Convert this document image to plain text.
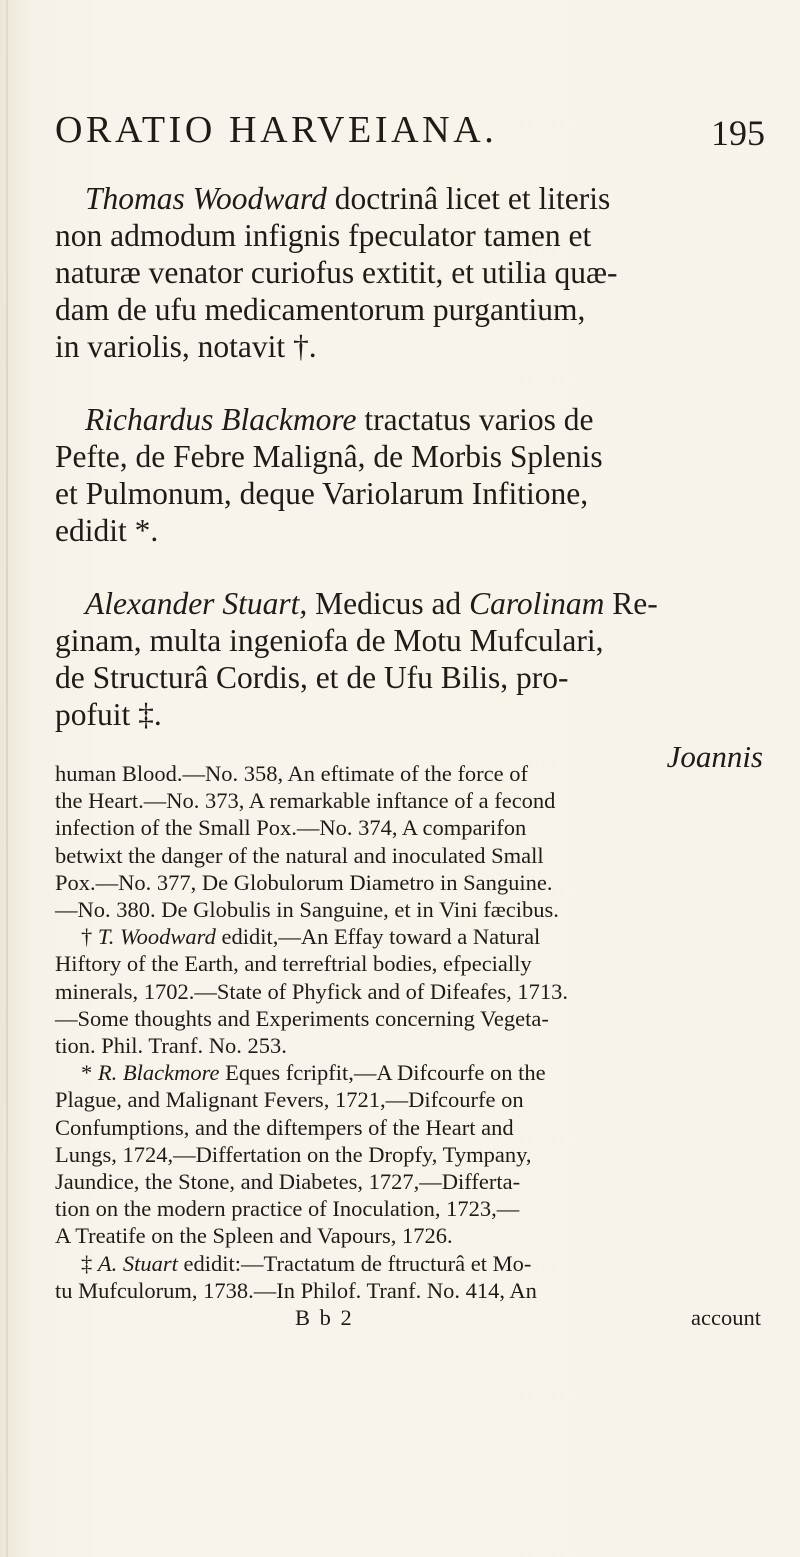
ORATIO HARVEIANA.	195
Thomas Woodward doctrinâ licet et literis
non admodum infignis fpeculator tamen et
naturæ venator curiofus extitit, et utilia quæ-
dam de ufu medicamentorum purgantium,
in variolis, notavit †.
Richardus Blackmore tractatus varios de
Pefte, de Febre Malignâ, de Morbis Splenis
et Pulmonum, deque Variolarum Infitione,
edidit *.
Alexander Stuart, Medicus ad Carolinam Re-
ginam, multa ingeniofa de Motu Mufculari,
de Structurâ Cordis, et de Ufu Bilis, pro-
pofuit ‡.
Joannis
human Blood.—No. 358, An eftimate of the force of
the Heart.—No. 373, A remarkable inftance of a fecond
infection of the Small Pox.—No. 374, A comparifon
betwixt the danger of the natural and inoculated Small
Pox.—No. 377, De Globulorum Diametro in Sanguine.
—No. 380. De Globulis in Sanguine, et in Vini fæcibus.
† T. Woodward edidit,—An Effay toward a Natural
Hiftory of the Earth, and terreftrial bodies, efpecially
minerals, 1702.—State of Phyfick and of Difeafes, 1713.
—Some thoughts and Experiments concerning Vegeta-
tion. Phil. Tranf. No. 253.
* R. Blackmore Eques fcripfit,—A Difcourfe on the
Plague, and Malignant Fevers, 1721,—Difcourfe on
Confumptions, and the diftempers of the Heart and
Lungs, 1724,—Differtation on the Dropfy, Tympany,
Jaundice, the Stone, and Diabetes, 1727,—Differta-
tion on the modern practice of Inoculation, 1723,—
A Treatife on the Spleen and Vapours, 1726.
‡ A. Stuart edidit:—Tractatum de ftructurâ et Mo-
tu Mufculorum, 1738.—In Philof. Tranf. No. 414, An
B b 2	account
